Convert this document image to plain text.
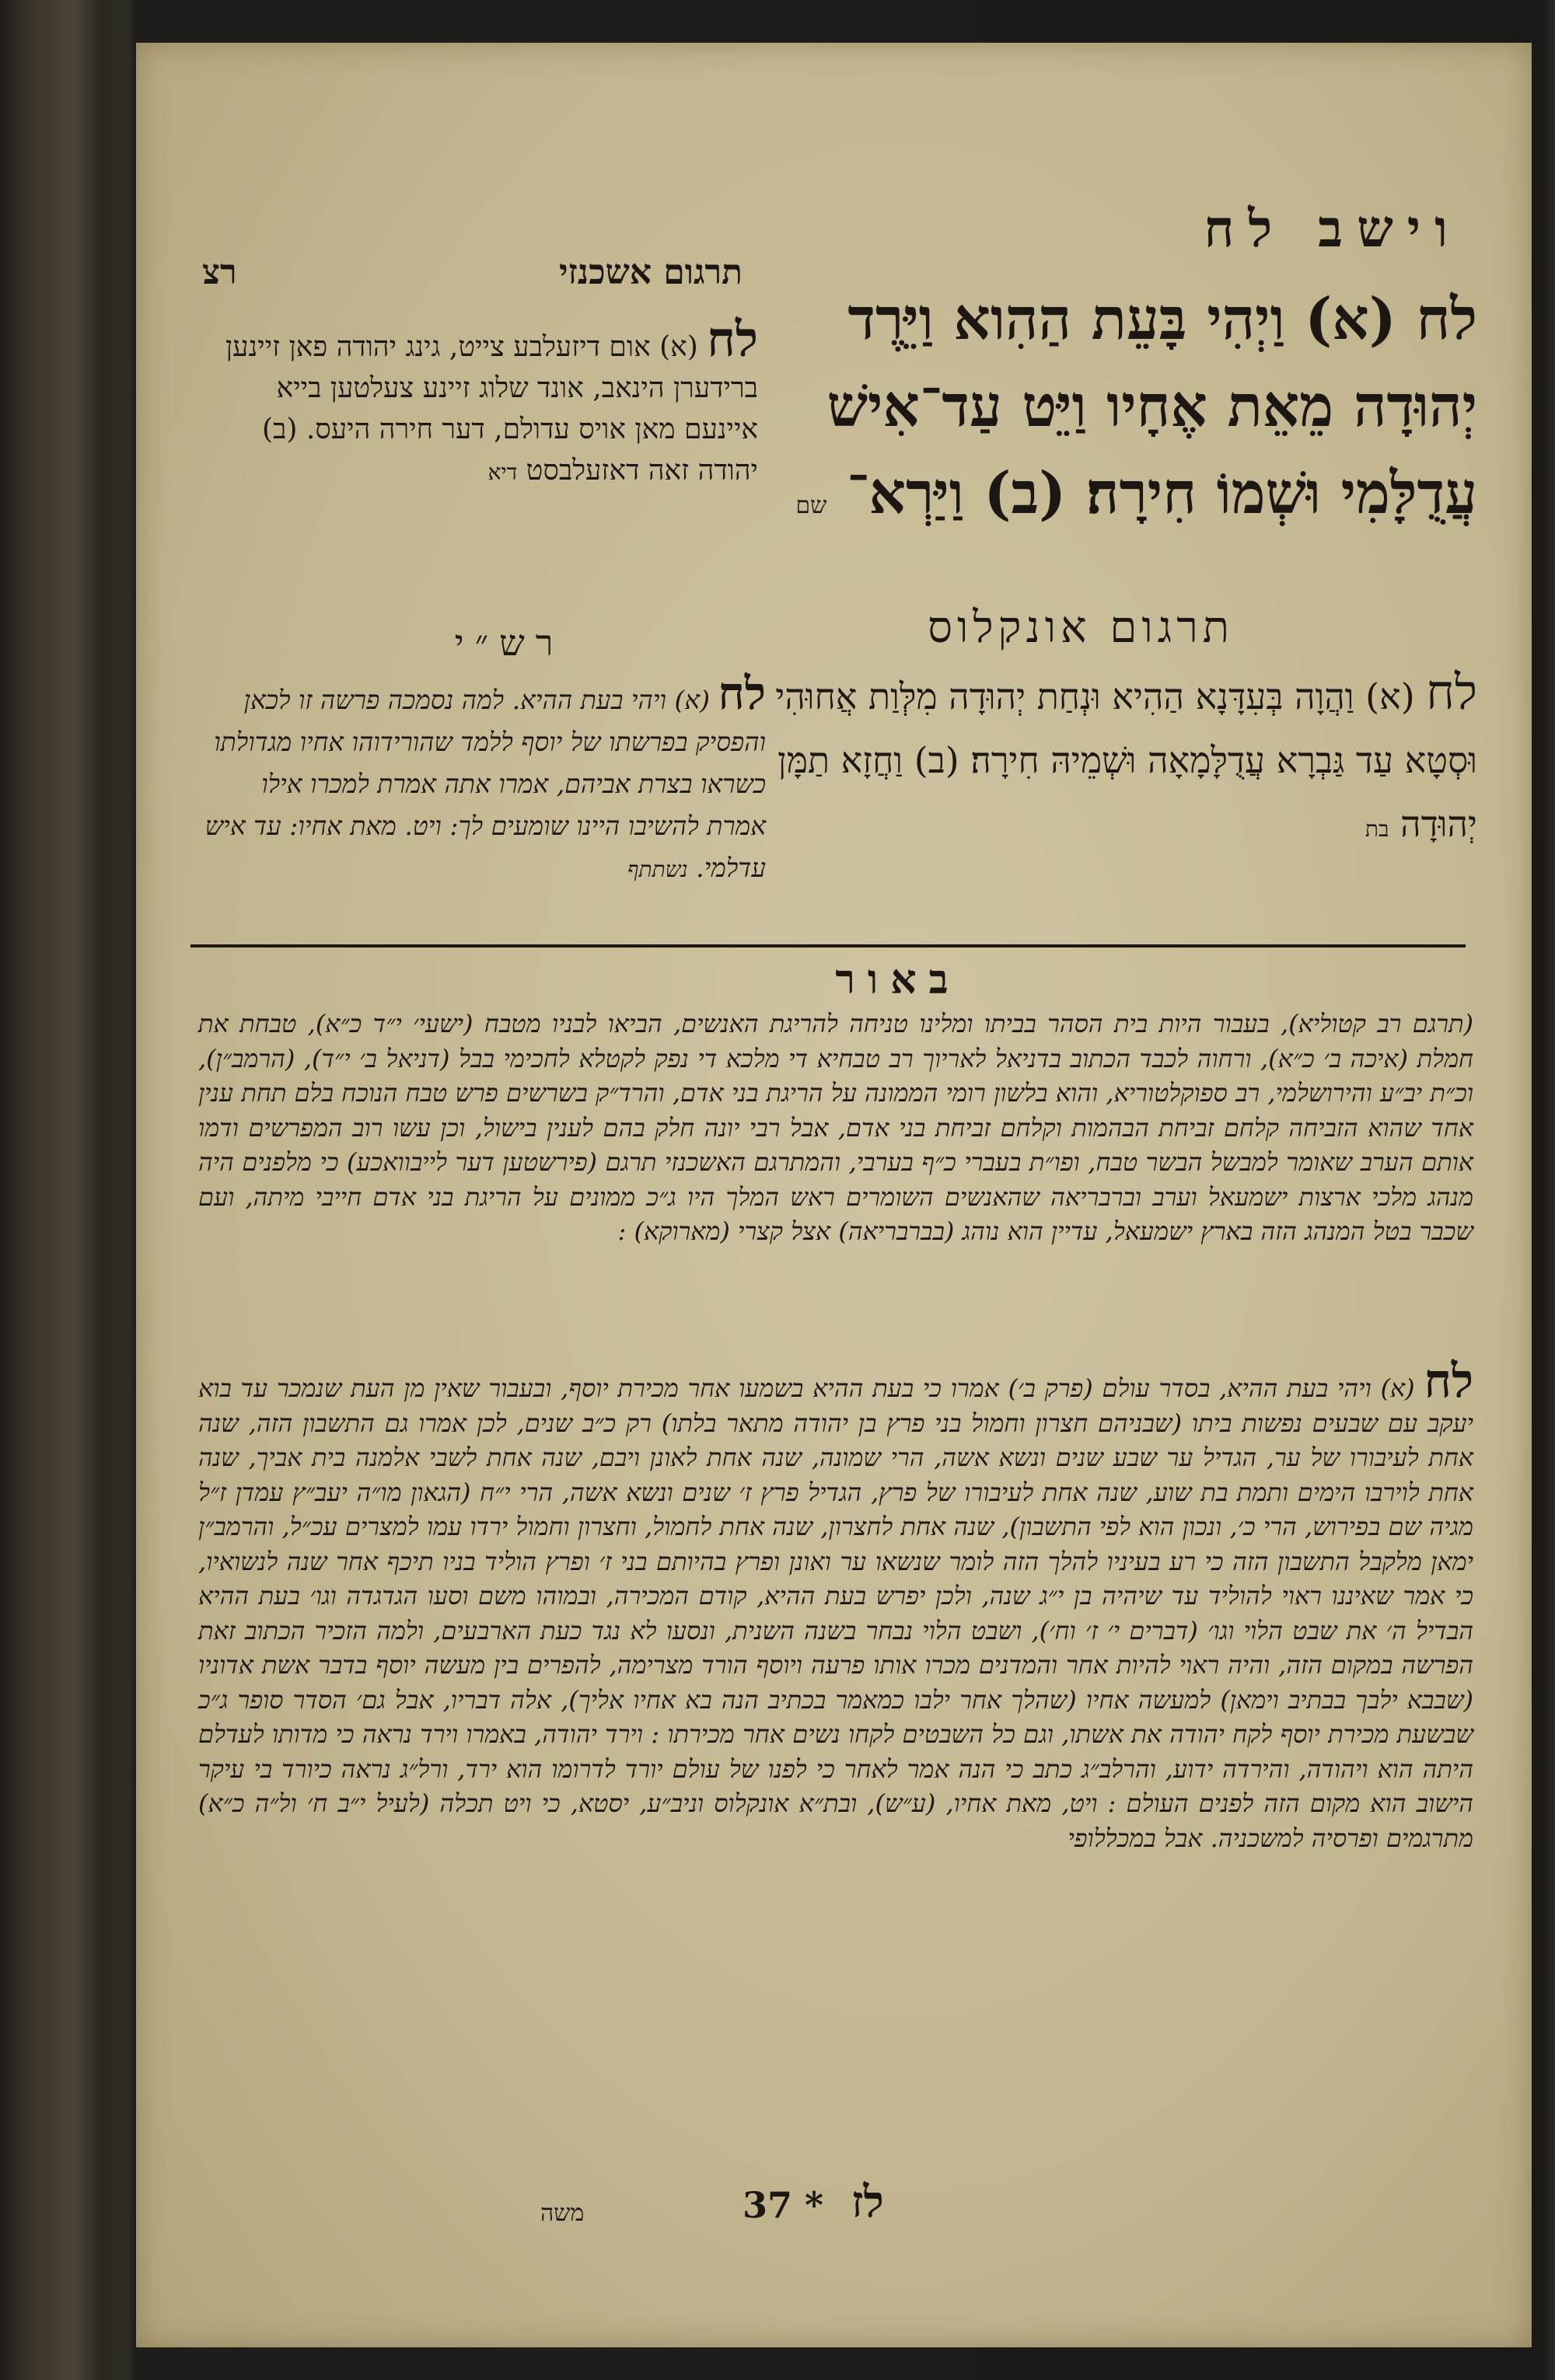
וישב לח
תרגום אשכנזי
רצ
לח (א) וַיְהִי בָּעֵת הַהִוא וַיֵּרֶד יְהוּדָה מֵאֵת אֶחָיו וַיֵּט עַד־אִישׁ עֲדֻלָּמִי וּשְׁמוֹ חִירָה׃ (ב) וַיַּרְא־ שם
לח (א) אום דיזעלבע צייט, גינג יהודה פאן זיינען ברידערן הינאב, אונד שלוג זיינע צעלטען בייא איינעם מאן אויס עדולם, דער חירה היעס. (ב) יהודה זאה דאזעלבסט דיא
תרגום אונקלוס
לח (א) וַהֲוָה בְּעִדָּנָא הַהִיא וּנְחַת יְהוּדָה מִלְּוַת אֲחוּהִי וּסְטָא עַד גַּבְרָא עֲדֻלָּמָאָה וּשְׁמֵיהּ חִירָה׃ (ב) וַחֲזָא תַמָּן יְהוּדָה בת
רש״י
לח (א) ויהי בעת ההיא. למה נסמכה פרשה זו לכאן והפסיק בפרשתו של יוסף ללמד שהורידוהו אחיו מגדולתו כשראו בצרת אביהם, אמרו אתה אמרת למכרו אילו אמרת להשיבו היינו שומעים לך: ויט. מאת אחיו: עד איש עדלמי. נשתתף
באור
(תרגם רב קטוליא), בעבור היות בית הסהר בביתו ומלינו טניחה להריגת האנשים, הביאו לבניו מטבח (ישעי׳ י״ד כ״א), טבחת את חמלת (איכה ב׳ כ״א), ורחוה לכבד הכתוב בדניאל לאריוך רב טבחיא די מלכא די נפק לקטלא לחכימי בבל (דניאל ב׳ י״ד), (הרמב״ן), וכ״ת יב״ע והירושלמי, רב ספוקלטוריא, והוא בלשון רומי הממונה על הריגת בני אדם, והרד״ק בשרשים פרש טבח הנוכח בלם תחת ענין אחד שהוא הזביחה קלחם זביחת הבהמות וקלחם זביחת בני אדם, אבל רבי יונה חלק בהם לענין בישול, וכן עשו רוב המפרשים ודמו אותם הערב שאומר למבשל הבשר טבח, ופו״ת בעברי כ״ף בערבי, והמתרגם האשכנזי תרגם (פירשטען דער לייבוואכע) כי מלפנים היה מנהג מלכי ארצות ישמעאל וערב וברבריאה שהאנשים השומרים ראש המלך היו ג״כ ממונים על הריגת בני אדם חייבי מיתה, ועם שכבר בטל המנהג הזה בארץ ישמעאל, עדיין הוא נוהג (בברבריאה) אצל קצרי (מארוקא) :
לח (א) ויהי בעת ההיא, בסדר עולם (פרק ב׳) אמרו כי בעת ההיא בשמעו אחר מכירת יוסף, ובעבור שאין מן העת שנמכר עד בוא יעקב עם שבעים נפשות ביתו (שבניהם חצרון וחמול בני פרץ בן יהודה מתאר בלתו) רק כ״ב שנים, לכן אמרו גם התשבון הזה, שנה אחת לעיבורו של ער, הגדיל ער שבע שנים ונשא אשה, הרי שמונה, שנה אחת לאונן ויבם, שנה אחת לשבי אלמנה בית אביך, שנה אחת לוירבו הימים ותמת בת שוע, שנה אחת לעיבורו של פרץ, הגדיל פרץ ז׳ שנים ונשא אשה, הרי י״ח (הגאון מו״ה יעב״ץ עמדן ז״ל מגיה שם בפירוש, הרי כ׳, ונכון הוא לפי התשבון), שנה אחת לחצרון, שנה אחת לחמול, וחצרון וחמול ירדו עמו למצרים עכ״ל, והרמב״ן ימאן מלקבל התשבון הזה כי רע בעיניו להלך הזה לומר שנשאו ער ואונן ופרץ בהיותם בני ז׳ ופרץ הוליד בניו תיכף אחר שנה לנשואיו, כי אמר שאיננו ראוי להוליד עד שיהיה בן י״ג שנה, ולכן יפרש בעת ההיא, קודם המכירה, ובמוהו משם וסעו הגדגדה וגו׳ בעת ההיא הבדיל ה׳ את שבט הלוי וגו׳ (דברים י׳ ז׳ וח׳), ושבט הלוי נבחר בשנה השנית, ונסעו לא נגד כעת הארבעים, ולמה הזכיר הכתוב זאת הפרשה במקום הזה, והיה ראוי להיות אחר והמדנים מכרו אותו פרעה ויוסף הורד מצרימה, להפרים בין מעשה יוסף בדבר אשת אדוניו (שבבא ילבך בבתיב וימאן) למעשה אחיו (שהלך אחר ילבו כמאמר בכתיב הנה בא אחיו אליך), אלה דבריו, אבל גם׳ הסדר סופר ג״כ שבשעת מכירת יוסף לקח יהודה את אשתו, וגם כל השבטים לקחו נשים אחר מכירתו : וירד יהודה, באמרו וירד נראה כי מדותו לעדלם היתה הוא ויהודה, והירדה ידוע, והרלב״ג כתב כי הנה אמר לאחר כי לפנו של עולם יורד לדרומו הוא ירד, ורל״ג נראה כיורד בי עיקר הישוב הוא מקום הזה לפנים העולם : ויט, מאת אחיו, (ע״ש), ובת״א אונקלוס וניב״ע, יסטא, כי ויט תכלה (לעיל י״ב ח׳ ול״ה כ״א) מתרגמים ופרסיה למשכניה. אבל במכללופי
לז
37 *
משה
